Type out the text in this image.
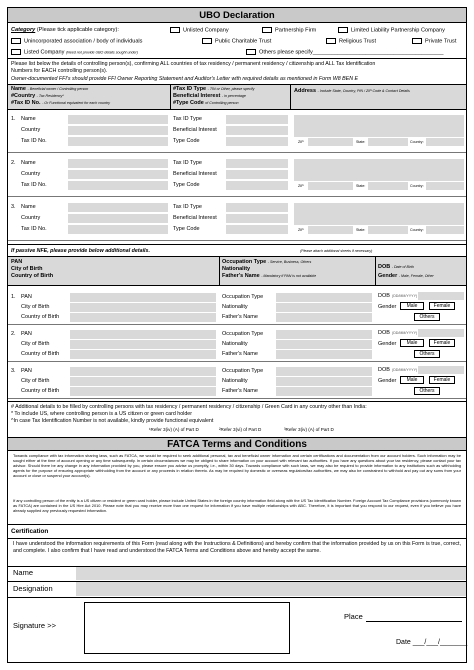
UBO Declaration
Category (Please tick applicable category):	Unlisted Company	Partnership Firm	Limited Liability Partnership Company
Unincorporated association / body of individuals	Public Charitable Trust	Religious Trust	Private Trust
Listed Company (Need not provide UBO details sought under)	Others please specify__________________________________________
Please list below the details of controlling person(s), confirming ALL countries of tax residency / permanent residency / citizenship and ALL Tax Identification
Numbers for EACH controlling person(s).
Owner-documented FFI's should provide FFI Owner Reporting Statement and Auditor's Letter with required details as mentioned in Form W8 BEN E
Name - Beneficial owner / Controlling person
#Country - Tax Residency*
#Tax ID No. - Or Functional equivalent for each country
#Tax ID Type - TIN or Other, please specify
Beneficial Interest - in percentage
#Type Code of Controlling person
Address - Include State, Country, PIN / ZIP Code & Contact Details
1. Name	Tax ID Type
Country	Beneficial Interest
Tax ID No.	Type Code	ZIP	State:	Country:
2. Name	Tax ID Type
Country	Beneficial Interest
Tax ID No.	Type Code	ZIP	State:	Country:
3. Name	Tax ID Type
Country	Beneficial Interest
Tax ID No.	Type Code	ZIP	State:	Country:
If passive NFE, please provide below additional details.	(Please attach additional sheets if necessary)
PAN
City of Birth
Country of Birth
Occupation Type - Service, Business, Others
Nationality
Father's Name - Mandatory if PAN is not available
DOB - Date of Birth
Gender - Male, Female, Other
1. PAN	Occupation Type
City of Birth	Nationality
Country of Birth	Father's Name
DOB (DD/MM/YYYY)
Gender	Male	Female
Others
2. PAN	Occupation Type
City of Birth	Nationality
Country of Birth	Father's Name
DOB (DD/MM/YYYY)
Gender	Male	Female
Others
3. PAN	Occupation Type
City of Birth	Nationality
Country of Birth	Father's Name
DOB (DD/MM/YYYY)
Gender	Male	Female
Others
# Additional details to be filled by controlling persons with tax residency / permanent residency / citizenship / Green Card in any country other than India:
* To include US, where controlling person is a US citizen or green card holder
^In case Tax Identification Number is not available, kindly provide functional equivalent
¹Refer 3(iv) (A) of Part D	²Refer 3(vi) of Part D	³Refer 3(iv) (A) of Part D
FATCA Terms and Conditions
Towards compliance with tax information sharing laws, such as FATCA, we would be required to seek additional personal, tax and beneficial owner information and certain certifications and documentation from our account holders. Such information may be sought either at the time of account opening or any time subsequently. In certain circumstances we may be obliged to share information on your account with relevant tax authorities. If you have any questions about your tax residency, please contact your tax advisor. Should there be any change in any information provided by you, please ensure you advise us promptly, i.e., within 30 days. Towards compliance with such laws, we may also be required to provide information to any institutions such as withholding agents for the purpose of ensuring appropriate withholding from the account or any proceeds in relation thereto. As may be required by domestic or overseas regulators/tax authorities, we may also be constrained to withhold and pay out any sums from your account or close or suspend your account(s).
If any controlling person of the entity is a US citizen or resident or green card holder, please include United States in the foreign country information field along with the US Tax Identification Number. Foreign Account Tax Compliance provisions (commonly known as FATCA) are contained in the US Hire Act 2010. Please note that you may receive more than one request for information if you have multiple relationships with ABC. Therefore, it is important that you respond to our request, even if you believe you have already supplied any previously requested information.
Certification
I have understood the information requirements of this Form (read along with the Instructions & Definitions) and hereby confirm that the information provided by us on this Form is true, correct, and complete. I also confirm that I have read and understood the FATCA Terms and Conditions above and hereby accept the same.
Name
Designation
Signature >>
Place
Date ___/___/_______
